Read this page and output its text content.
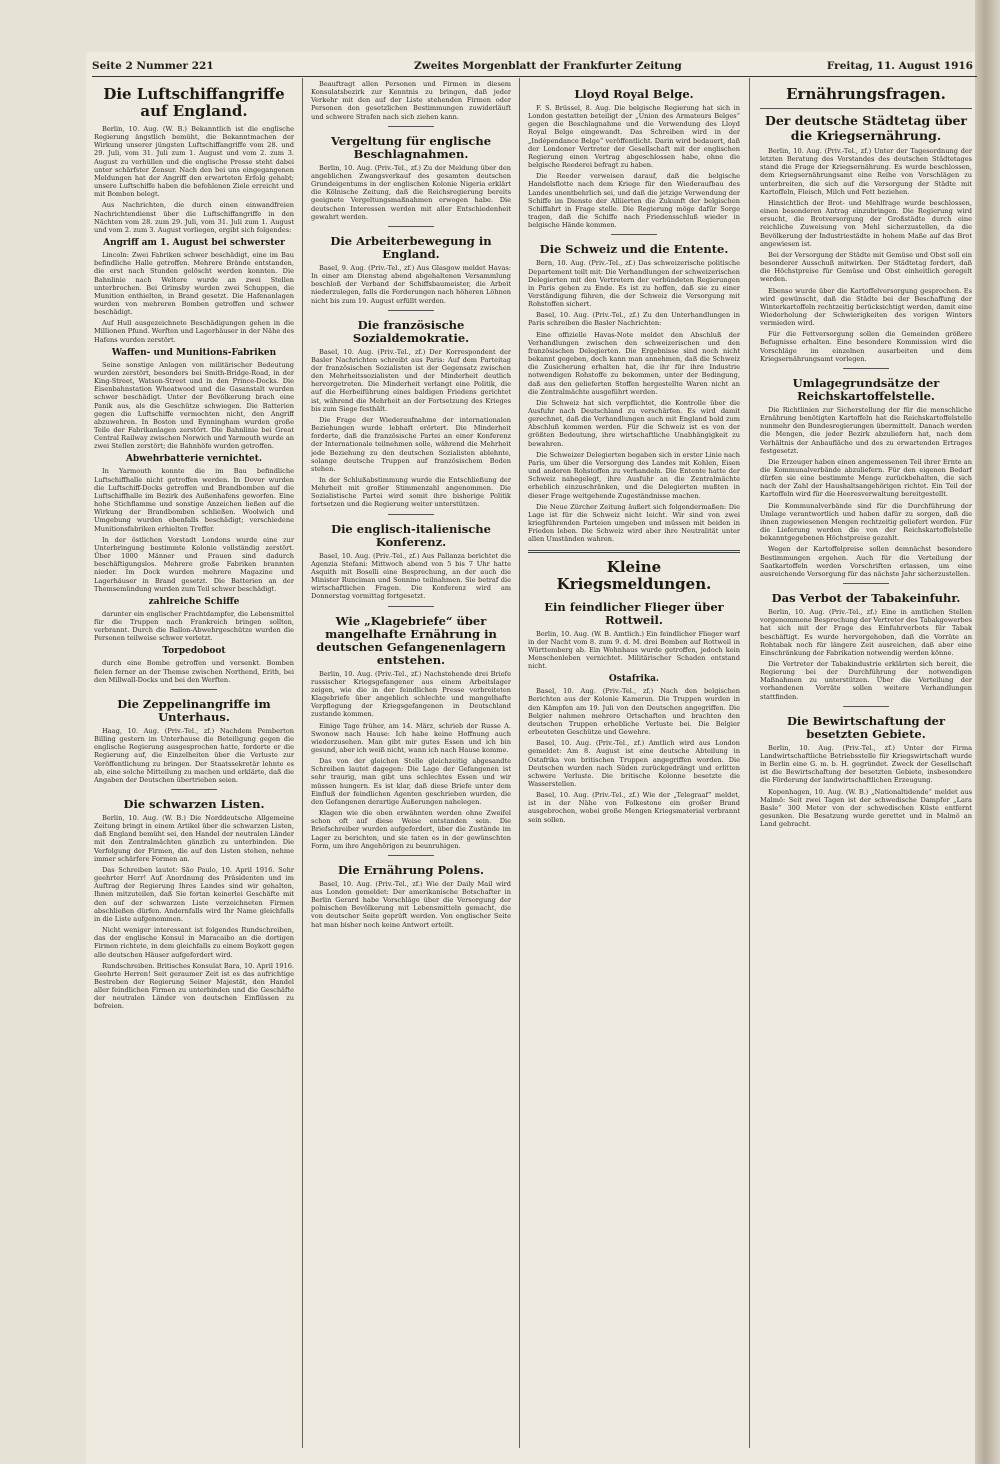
Seite 2 Nummer 221	Zweites Morgenblatt der Frankfurter Zeitung	Freitag, 11. August 1916
Die Luftschiffangriffe auf England.

Berlin, 10. Aug. (W. B.) Bekanntlich ist die englische Regierung ängstlich bemüht, die Bekanntmachen der Wirkung unserer jüngsten Luftschiffangriffe vom 28. und 29. Juli, vom 31. Juli zum 1. August und vom 2. zum 3. August zu verhüllen und die englische Presse steht dabei unter schärfster Zensur. Nach den bei uns eingegangenen Meldungen hat der Angriff den erwarteten Erfolg gehabt; unsere Luftschiffe haben die befohlenen Ziele erreicht und mit Bomben belegt.

Aus Nachrichten, die durch einen einwandfreien Nachrichtendienst über die Luftschiffangriffe in den Nächten vom 28. zum 29. Juli, vom 31. Juli zum 1. August und vom 2. zum 3. August vorliegen, ergibt sich folgendes:

Angriff am 1. August bei schwerster

Lincoln: Zwei Fabriken schwer beschädigt, eine im Bau befindliche Halle getroffen. Mehrere Brände entstanden, die erst nach Stunden gelöscht werden konnten. Die Bahnlinie nach Weltere wurde an zwei Stellen unterbrochen. Bei Grimsby wurden zwei Schuppen, die Munition enthielten, in Brand gesetzt. Die Hafenanlagen wurden von mehreren Bomben getroffen und schwer beschädigt.

Auf Hull ausgezeichnete Beschädigungen gehen in die Millionen Pfund. Werften und Lagerhäuser in der Nähe des Hafens wurden zerstört.

Waffen- und Munitions-Fabriken

Seine sonstige Anlagen von militärischer Bedeutung wurden zerstört, besonders bei Smith-Bridge-Road, in der King-Street, Watson-Street und in den Prince-Docks. Die Eisenbahnstation Wheatwood und die Gasanstalt wurden schwer beschädigt. Unter der Bevölkerung brach eine Panik aus, als die Geschütze schwiegen. Die Batterien gegen die Luftschiffe vermochten nicht, den Angriff abzuwehren. In Boston und Eynningham wurden große Teile der Fabrikanlagen zerstört. Die Bahnlinie bei Great Central Railway zwischen Norwich und Yarmouth wurde an zwei Stellen zerstört; die Bahnhöfe wurden getroffen.

Abwehrbatterie vernichtet.

In Yarmouth konnte die im Bau befindliche Luftschiffhalle nicht getroffen werden. In Dover wurden die Luftschiff-Docks getroffen und Brandbomben auf die Luftschiffhalle im Bezirk des Außenhafens geworfen. Eine hohe Stichflamme und sonstige Anzeichen ließen auf die Wirkung der Brandbomben schließen. Woolwich und Umgebung wurden ebenfalls beschädigt; verschiedene Munitionsfabriken erhielten Treffer.

In der östlichen Vorstadt Londons wurde eine zur Unterbringung bestimmte Kolonie vollständig zerstört. Über 1000 Männer und Frauen sind dadurch beschäftigungslos. Mehrere große Fabriken brannten nieder. Im Dock wurden mehrere Magazine und Lagerhäuser in Brand gesetzt. Die Batterien an der Themsemündung wurden zum Teil schwer beschädigt.

zahlreiche Schiffe

darunter ein englischer Frachtdampfer, die Lebensmittel für die Truppen nach Frankreich bringen sollten, verbrannt. Durch die Ballon-Abwehrgeschütze wurden die Personen teilweise schwer verletzt.

Torpedoboot

durch eine Bombe getroffen und versenkt. Bomben fielen ferner an der Themse zwischen Northend, Erith, bei den Millwall-Docks und bei den Werften.

Die Zeppelinangriffe im Unterhaus.

Haag, 10. Aug. (Priv.-Tel., zf.) Nachdem Pemberton Billing gestern im Unterhause die Beteiligung gegen die englische Regierung ausgesprochen hatte, forderte er die Regierung auf, die Einzelheiten über die Verluste zur Veröffentlichung zu bringen. Der Staatssekretär lehnte es ab, eine solche Mitteilung zu machen und erklärte, daß die Angaben der Deutschen übertrieben seien.

Die schwarzen Listen.

Berlin, 10. Aug. (W. B.) Die Norddeutsche Allgemeine Zeitung bringt in einem Artikel über die schwarzen Listen, daß England bemüht sei, den Handel der neutralen Länder mit den Zentralmächten gänzlich zu unterbinden. Die Verfolgung der Firmen, die auf den Listen stehen, nehme immer schärfere Formen an.

Das Schreiben lautet: São Paulo, 10. April 1916. Sehr geehrter Herr! Auf Anordnung des Präsidenten und im Auftrag der Regierung Ihres Landes sind wir gehalten, Ihnen mitzuteilen, daß Sie fortan keinerlei Geschäfte mit den auf der schwarzen Liste verzeichneten Firmen abschließen dürfen. Andernfalls wird Ihr Name gleichfalls in die Liste aufgenommen.

Nicht weniger interessant ist folgendes Rundschreiben, das der englische Konsul in Maracaibo an die dortigen Firmen richtete, in dem gleichfalls zu einem Boykott gegen alle deutschen Häuser aufgefordert wird.

Rundschreiben. Britisches Konsulat Bara, 10. April 1916. Geehrte Herren! Seit geraumer Zeit ist es das aufrichtige Bestreben der Regierung Seiner Majestät, den Handel aller feindlichen Firmen zu unterbinden und die Geschäfte der neutralen Länder von deutschen Einflüssen zu befreien.

Beauftragt allen Personen und Firmen in diesem Konsulatsbezirk zur Kenntnis zu bringen, daß jeder Verkehr mit den auf der Liste stehenden Firmen oder Personen den gesetzlichen Bestimmungen zuwiderläuft und schwere Strafen nach sich ziehen kann.

Vergeltung für englische Beschlagnahmen.

Berlin, 10. Aug. (Priv.-Tel., zf.) Zu der Meldung über den angeblichen Zwangsverkauf des gesamten deutschen Grundeigentums in der englischen Kolonie Nigeria erklärt die Kölnische Zeitung, daß die Reichsregierung bereits geeignete Vergeltungsmaßnahmen erwogen habe. Die deutschen Interessen werden mit aller Entschiedenheit gewahrt werden.

Die Arbeiterbewegung in England.

Basel, 9. Aug. (Priv.-Tel., zf.) Aus Glasgow meldet Havas: In einer am Dienstag abend abgehaltenen Versammlung beschloß der Verband der Schiffsbaumeister, die Arbeit niederzulegen, falls die Forderungen nach höheren Löhnen nicht bis zum 19. August erfüllt werden.

Die französische Sozialdemokratie.

Basel, 10. Aug. (Priv.-Tel., zf.) Der Korrespondent der Basler Nachrichten schreibt aus Paris: Auf dem Parteitag der französischen Sozialisten ist der Gegensatz zwischen den Mehrheitssozialisten und der Minderheit deutlich hervorgetreten. Die Minderheit verlangt eine Politik, die auf die Herbeiführung eines baldigen Friedens gerichtet ist, während die Mehrheit an der Fortsetzung des Krieges bis zum Siege festhält.

Die Frage der Wiederaufnahme der internationalen Beziehungen wurde lebhaft erörtert. Die Minderheit forderte, daß die französische Partei an einer Konferenz der Internationale teilnehmen solle, während die Mehrheit jede Beziehung zu den deutschen Sozialisten ablehnte, solange deutsche Truppen auf französischem Boden stehen.

In der Schlußabstimmung wurde die Entschließung der Mehrheit mit großer Stimmenzahl angenommen. Die Sozialistische Partei wird somit ihre bisherige Politik fortsetzen und die Regierung weiter unterstützen.

Die englisch-italienische Konferenz.

Basel, 10. Aug. (Priv.-Tel., zf.) Aus Pallanza berichtet die Agenzia Stefani: Mittwoch abend von 5 bis 7 Uhr hatte Asquith mit Boselli eine Besprechung, an der auch die Minister Runciman und Sonnino teilnahmen. Sie betraf die wirtschaftlichen Fragen. Die Konferenz wird am Donnerstag vormittag fortgesetzt.

Wie „Klagebriefe“ über mangelhafte Ernährung in deutschen Gefangenenlagern entstehen.

Berlin, 10. Aug. (Priv.-Tel., zf.) Nachstehende drei Briefe russischer Kriegsgefangener aus einem Arbeitslager zeigen, wie die in der feindlichen Presse verbreiteten Klagebriefe über angeblich schlechte und mangelhafte Verpflegung der Kriegsgefangenen in Deutschland zustande kommen.

Einige Tage früher, am 14. März, schrieb der Russe A. Swonow nach Hause: Ich habe keine Hoffnung auch wiederzusehen. Man gibt mir gutes Essen und ich bin gesund, aber ich weiß nicht, wann ich nach Hause komme.

Das von der gleichen Stelle gleichzeitig abgesandte Schreiben lautet dagegen: Die Lage der Gefangenen ist sehr traurig, man gibt uns schlechtes Essen und wir müssen hungern. Es ist klar, daß diese Briefe unter dem Einfluß der feindlichen Agenten geschrieben wurden, die den Gefangenen derartige Äußerungen nahelegen.

Klagen wie die oben erwähnten werden ohne Zweifel schon oft auf diese Weise entstanden sein. Die Briefschreiber wurden aufgefordert, über die Zustände im Lager zu berichten, und sie taten es in der gewünschten Form, um ihre Angehörigen zu beunruhigen.

Die Ernährung Polens.

Basel, 10. Aug. (Priv.-Tel., zf.) Wie der Daily Mail wird aus London gemeldet: Der amerikanische Botschafter in Berlin Gerard habe Vorschläge über die Versorgung der polnischen Bevölkerung mit Lebensmitteln gemacht, die von deutscher Seite geprüft werden. Von englischer Seite hat man bisher noch keine Antwort erteilt.

Lloyd Royal Belge.

F. S. Brüssel, 8. Aug. Die belgische Regierung hat sich in London gestatten beteiligt der „Union des Armateurs Belges“ gegen die Beschlagnahme und die Verwendung des Lloyd Royal Belge eingewandt. Das Schreiben wird in der „Indépendance Belge“ veröffentlicht. Darin wird bedauert, daß der Londoner Vertreter der Gesellschaft mit der englischen Regierung einen Vertrag abgeschlossen habe, ohne die belgische Reederei befragt zu haben.

Die Reeder verweisen darauf, daß die belgische Handelsflotte nach dem Kriege für den Wiederaufbau des Landes unentbehrlich sei, und daß die jetzige Verwendung der Schiffe im Dienste der Alliierten die Zukunft der belgischen Schiffahrt in Frage stelle. Die Regierung möge dafür Sorge tragen, daß die Schiffe nach Friedensschluß wieder in belgische Hände kommen.

Die Schweiz und die Entente.

Bern, 10. Aug. (Priv.-Tel., zf.) Das schweizerische politische Departement teilt mit: Die Verhandlungen der schweizerischen Delegierten mit den Vertretern der verbündeten Regierungen in Paris gehen zu Ende. Es ist zu hoffen, daß sie zu einer Verständigung führen, die der Schweiz die Versorgung mit Rohstoffen sichert.

Basel, 10. Aug. (Priv.-Tel., zf.) Zu den Unterhandlungen in Paris schreiben die Basler Nachrichten:

Eine offizielle Havas-Note meldet den Abschluß der Verhandlungen zwischen den schweizerischen und den französischen Delegierten. Die Ergebnisse sind noch nicht bekannt gegeben, doch kann man annehmen, daß die Schweiz die Zusicherung erhalten hat, die ihr für ihre Industrie notwendigen Rohstoffe zu bekommen, unter der Bedingung, daß aus den gelieferten Stoffen hergestellte Waren nicht an die Zentralmächte ausgeführt werden.

Die Schweiz hat sich verpflichtet, die Kontrolle über die Ausfuhr nach Deutschland zu verschärfen. Es wird damit gerechnet, daß die Verhandlungen auch mit England bald zum Abschluß kommen werden. Für die Schweiz ist es von der größten Bedeutung, ihre wirtschaftliche Unabhängigkeit zu bewahren.

Die Schweizer Delegierten begaben sich in erster Linie nach Paris, um über die Versorgung des Landes mit Kohlen, Eisen und anderen Rohstoffen zu verhandeln. Die Entente hatte der Schweiz nahegelegt, ihre Ausfuhr an die Zentralmächte erheblich einzuschränken, und die Delegierten mußten in dieser Frage weitgehende Zugeständnisse machen.

Die Neue Zürcher Zeitung äußert sich folgendermaßen: Die Lage ist für die Schweiz nicht leicht. Wir sind von zwei kriegführenden Parteien umgeben und müssen mit beiden in Frieden leben. Die Schweiz wird aber ihre Neutralität unter allen Umständen wahren.

Kleine Kriegsmeldungen.
Ein feindlicher Flieger über Rottweil.

Berlin, 10. Aug. (W. B. Amtlich.) Ein feindlicher Flieger warf in der Nacht vom 8. zum 9. d. M. drei Bomben auf Rottweil in Württemberg ab. Ein Wohnhaus wurde getroffen, jedoch kein Menschenleben vernichtet. Militärischer Schaden entstand nicht.

Ostafrika.

Basel, 10. Aug. (Priv.-Tel., zf.) Nach den belgischen Berichten aus der Kolonie Kamerun. Die Truppen wurden in den Kämpfen am 19. Juli von den Deutschen angegriffen. Die Belgier nahmen mehrere Ortschaften und brachten den deutschen Truppen erhebliche Verluste bei. Die Belgier erbeuteten Geschütze und Gewehre.

Basel, 10. Aug. (Priv.-Tel., zf.) Amtlich wird aus London gemeldet: Am 8. August ist eine deutsche Abteilung in Ostafrika von britischen Truppen angegriffen worden. Die Deutschen wurden nach Süden zurückgedrängt und erlitten schwere Verluste. Die britische Kolonne besetzte die Wasserstellen.

Basel, 10. Aug. (Priv.-Tel., zf.) Wie der „Telegraaf“ meldet, ist in der Nähe von Folkestone ein großer Brand ausgebrochen, wobei große Mengen Kriegsmaterial verbrannt sein sollen.

Ernährungsfragen.
Der deutsche Städtetag über die Kriegsernährung.

Berlin, 10. Aug. (Priv.-Tel., zf.) Unter der Tagesordnung der letzten Beratung des Vorstandes des deutschen Städtetages stand die Frage der Kriegsernährung. Es wurde beschlossen, dem Kriegsernährungsamt eine Reihe von Vorschlägen zu unterbreiten, die sich auf die Versorgung der Städte mit Kartoffeln, Fleisch, Milch und Fett beziehen.

Hinsichtlich der Brot- und Mehlfrage wurde beschlossen, einen besonderen Antrag einzubringen. Die Regierung wird ersucht, die Brotversorgung der Großstädte durch eine reichliche Zuweisung von Mehl sicherzustellen, da die Bevölkerung der Industriestädte in hohem Maße auf das Brot angewiesen ist.

Bei der Versorgung der Städte mit Gemüse und Obst soll ein besonderer Ausschuß mitwirken. Der Städtetag fordert, daß die Höchstpreise für Gemüse und Obst einheitlich geregelt werden.

Ebenso wurde über die Kartoffelversorgung gesprochen. Es wird gewünscht, daß die Städte bei der Beschaffung der Winterkartoffeln rechtzeitig berücksichtigt werden, damit eine Wiederholung der Schwierigkeiten des vorigen Winters vermieden wird.

Für die Fettversorgung sollen die Gemeinden größere Befugnisse erhalten. Eine besondere Kommission wird die Vorschläge im einzelnen ausarbeiten und dem Kriegsernährungsamt vorlegen.

Umlagegrundsätze der Reichskartoffelstelle.

Die Richtlinien zur Sicherstellung der für die menschliche Ernährung benötigten Kartoffeln hat die Reichskartoffelstelle nunmehr den Bundesregierungen übermittelt. Danach werden die Mengen, die jeder Bezirk abzuliefern hat, nach dem Verhältnis der Anbaufläche und des zu erwartenden Ertrages festgesetzt.

Die Erzeuger haben einen angemessenen Teil ihrer Ernte an die Kommunalverbände abzuliefern. Für den eigenen Bedarf dürfen sie eine bestimmte Menge zurückbehalten, die sich nach der Zahl der Haushaltsangehörigen richtet. Ein Teil der Kartoffeln wird für die Heeresverwaltung bereitgestellt.

Die Kommunalverbände sind für die Durchführung der Umlage verantwortlich und haben dafür zu sorgen, daß die ihnen zugewiesenen Mengen rechtzeitig geliefert werden. Für die Lieferung werden die von der Reichskartoffelstelle bekanntgegebenen Höchstpreise gezahlt.

Wegen der Kartoffelpreise sollen demnächst besondere Bestimmungen ergehen. Auch für die Verteilung der Saatkartoffeln werden Vorschriften erlassen, um eine ausreichende Versorgung für das nächste Jahr sicherzustellen.

Das Verbot der Tabakeinfuhr.

Berlin, 10. Aug. (Priv.-Tel., zf.) Eine in amtlichen Stellen vorgenommene Besprechung der Vertreter des Tabakgewerbes hat sich mit der Frage des Einfuhrverbots für Tabak beschäftigt. Es wurde hervorgehoben, daß die Vorräte an Rohtabak noch für längere Zeit ausreichen, daß aber eine Einschränkung der Fabrikation notwendig werden könne.

Die Vertreter der Tabakindustrie erklärten sich bereit, die Regierung bei der Durchführung der notwendigen Maßnahmen zu unterstützen. Über die Verteilung der vorhandenen Vorräte sollen weitere Verhandlungen stattfinden.

Die Bewirtschaftung der besetzten Gebiete.

Berlin, 10. Aug. (Priv.-Tel., zf.) Unter der Firma Landwirtschaftliche Betriebsstelle für Kriegswirtschaft wurde in Berlin eine G. m. b. H. gegründet. Zweck der Gesellschaft ist die Bewirtschaftung der besetzten Gebiete, insbesondere die Förderung der landwirtschaftlichen Erzeugung.

Kopenhagen, 10. Aug. (W. B.) „Nationaltidende“ meldet aus Malmö: Seit zwei Tagen ist der schwedische Dampfer „Lara Basle“ 300 Meter von der schwedischen Küste entfernt gesunken. Die Besatzung wurde gerettet und in Malmö an Land gebracht.
